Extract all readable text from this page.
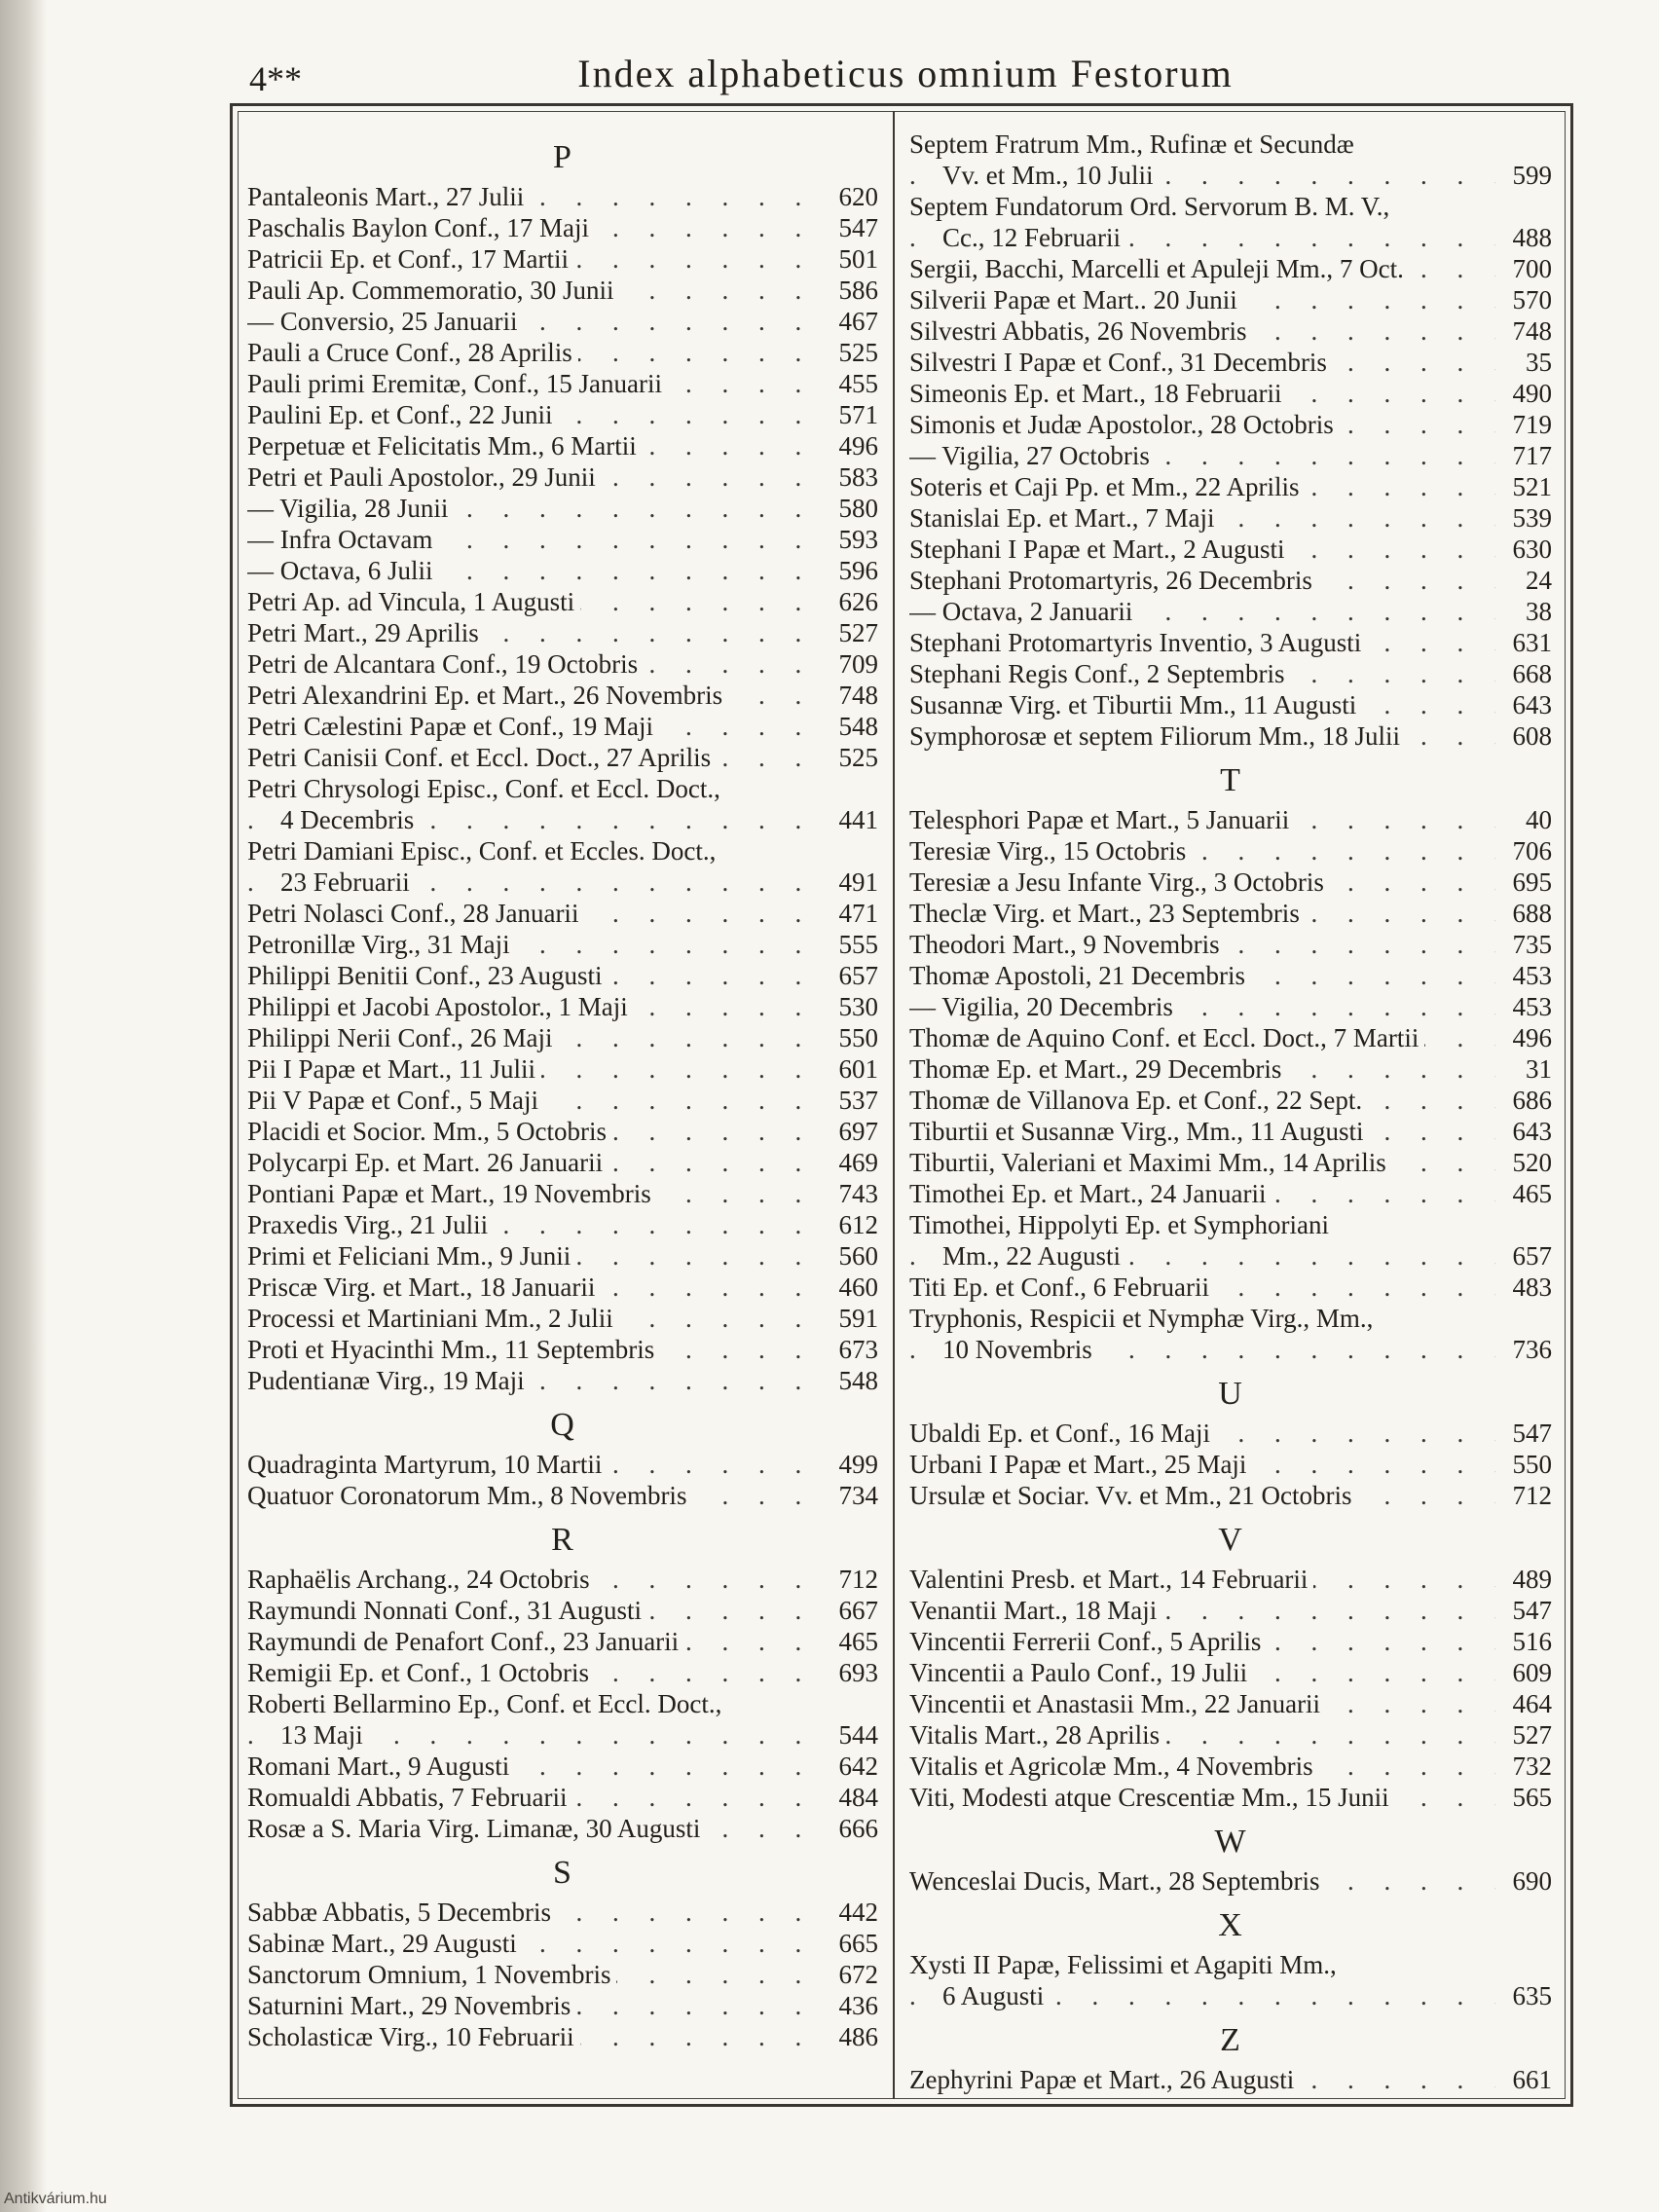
4**	Index alphabeticus omnium Festorum
P
Pantaleonis Mart., 27 Julii	620
. . .
Paschalis Baylon Conf., 17 Maji	547
. . .
Patricii Ep. et Conf., 17 Martii	501
. . .
Pauli Ap. Commemoratio, 30 Junii	586
. . .
— Conversio, 25 Januarii	467
. . .
Pauli a Cruce Conf., 28 Aprilis	525
. . .
Pauli primi Eremitæ, Conf., 15 Januarii	455
. . .
Paulini Ep. et Conf., 22 Junii	571
. . .
Perpetuæ et Felicitatis Mm., 6 Martii	496
. . .
Petri et Pauli Apostolor., 29 Junii	583
. . .
— Vigilia, 28 Junii	580
. . .
— Infra Octavam	593
. . .
— Octava, 6 Julii	596
. . .
Petri Ap. ad Vincula, 1 Augusti	626
. . .
Petri Mart., 29 Aprilis	527
. . .
Petri de Alcantara Conf., 19 Octobris	709
. . .
Petri Alexandrini Ep. et Mart., 26 Novembris	748
. . .
Petri Cælestini Papæ et Conf., 19 Maji	548
. . .
Petri Canisii Conf. et Eccl. Doct., 27 Aprilis	525
. . .
Petri Chrysologi Episc., Conf. et Eccl. Doct.,
4 Decembris . . .	441
Petri Damiani Episc., Conf. et Eccles. Doct.,
23 Februarii . . .	491
Petri Nolasci Conf., 28 Januarii	471
. . .
Petronillæ Virg., 31 Maji	555
. . .
Philippi Benitii Conf., 23 Augusti	657
. . .
Philippi et Jacobi Apostolor., 1 Maji	530
. . .
Philippi Nerii Conf., 26 Maji	550
. . .
Pii I Papæ et Mart., 11 Julii	601
. . .
Pii V Papæ et Conf., 5 Maji	537
. . .
Placidi et Socior. Mm., 5 Octobris	697
. . .
Polycarpi Ep. et Mart. 26 Januarii	469
. . .
Pontiani Papæ et Mart., 19 Novembris	743
. . .
Praxedis Virg., 21 Julii	612
. . .
Primi et Feliciani Mm., 9 Junii	560
. . .
Priscæ Virg. et Mart., 18 Januarii	460
. . .
Processi et Martiniani Mm., 2 Julii	591
. . .
Proti et Hyacinthi Mm., 11 Septembris	673
. . .
Pudentianæ Virg., 19 Maji	548
. . .
Q
Quadraginta Martyrum, 10 Martii	499
. . .
Quatuor Coronatorum Mm., 8 Novembris	734
. . .
R
Raphaëlis Archang., 24 Octobris	712
. . .
Raymundi Nonnati Conf., 31 Augusti	667
. . .
Raymundi de Penafort Conf., 23 Januarii	465
. . .
Remigii Ep. et Conf., 1 Octobris	693
. . .
Roberti Bellarmino Ep., Conf. et Eccl. Doct.,
13 Maji . . .	544
Romani Mart., 9 Augusti	642
. . .
Romualdi Abbatis, 7 Februarii	484
. . .
Rosæ a S. Maria Virg. Limanæ, 30 Augusti	666
. . .
S
Sabbæ Abbatis, 5 Decembris	442
. . .
Sabinæ Mart., 29 Augusti	665
. . .
Sanctorum Omnium, 1 Novembris	672
. . .
Saturnini Mart., 29 Novembris	436
. . .
Scholasticæ Virg., 10 Februarii	486
. . .
Septem Fratrum Mm., Rufinæ et Secundæ
Vv. et Mm., 10 Julii . . .	599
Septem Fundatorum Ord. Servorum B. M. V.,
Cc., 12 Februarii . . .	488
Sergii, Bacchi, Marcelli et Apuleji Mm., 7 Oct.	700
. . .
Silverii Papæ et Mart.. 20 Junii	570
. . .
Silvestri Abbatis, 26 Novembris	748
. . .
Silvestri I Papæ et Conf., 31 Decembris	35
. . .
Simeonis Ep. et Mart., 18 Februarii	490
. . .
Simonis et Judæ Apostolor., 28 Octobris	719
. . .
— Vigilia, 27 Octobris	717
. . .
Soteris et Caji Pp. et Mm., 22 Aprilis	521
. . .
Stanislai Ep. et Mart., 7 Maji	539
. . .
Stephani I Papæ et Mart., 2 Augusti	630
. . .
Stephani Protomartyris, 26 Decembris	24
. . .
— Octava, 2 Januarii	38
. . .
Stephani Protomartyris Inventio, 3 Augusti	631
. . .
Stephani Regis Conf., 2 Septembris	668
. . .
Susannæ Virg. et Tiburtii Mm., 11 Augusti	643
. . .
Symphorosæ et septem Filiorum Mm., 18 Julii	608
. . .
T
Telesphori Papæ et Mart., 5 Januarii	40
. . .
Teresiæ Virg., 15 Octobris	706
. . .
Teresiæ a Jesu Infante Virg., 3 Octobris	695
. . .
Theclæ Virg. et Mart., 23 Septembris	688
. . .
Theodori Mart., 9 Novembris	735
. . .
Thomæ Apostoli, 21 Decembris	453
. . .
— Vigilia, 20 Decembris	453
. . .
Thomæ de Aquino Conf. et Eccl. Doct., 7 Martii	496
. . .
Thomæ Ep. et Mart., 29 Decembris	31
. . .
Thomæ de Villanova Ep. et Conf., 22 Sept.	686
. . .
Tiburtii et Susannæ Virg., Mm., 11 Augusti	643
. . .
Tiburtii, Valeriani et Maximi Mm., 14 Aprilis	520
. . .
Timothei Ep. et Mart., 24 Januarii	465
. . .
Timothei, Hippolyti Ep. et Symphoriani
Mm., 22 Augusti . . .	657
Titi Ep. et Conf., 6 Februarii	483
. . .
Tryphonis, Respicii et Nymphæ Virg., Mm.,
10 Novembris . . .	736
U
Ubaldi Ep. et Conf., 16 Maji	547
. . .
Urbani I Papæ et Mart., 25 Maji	550
. . .
Ursulæ et Sociar. Vv. et Mm., 21 Octobris	712
. . .
V
Valentini Presb. et Mart., 14 Februarii	489
. . .
Venantii Mart., 18 Maji	547
. . .
Vincentii Ferrerii Conf., 5 Aprilis	516
. . .
Vincentii a Paulo Conf., 19 Julii	609
. . .
Vincentii et Anastasii Mm., 22 Januarii	464
. . .
Vitalis Mart., 28 Aprilis	527
. . .
Vitalis et Agricolæ Mm., 4 Novembris	732
. . .
Viti, Modesti atque Crescentiæ Mm., 15 Junii	565
. . .
W
Wenceslai Ducis, Mart., 28 Septembris	690
. . .
X
Xysti II Papæ, Felissimi et Agapiti Mm.,
6 Augusti . . .	635
Z
Zephyrini Papæ et Mart., 26 Augusti	661
. . .
Antikvárium.hu
